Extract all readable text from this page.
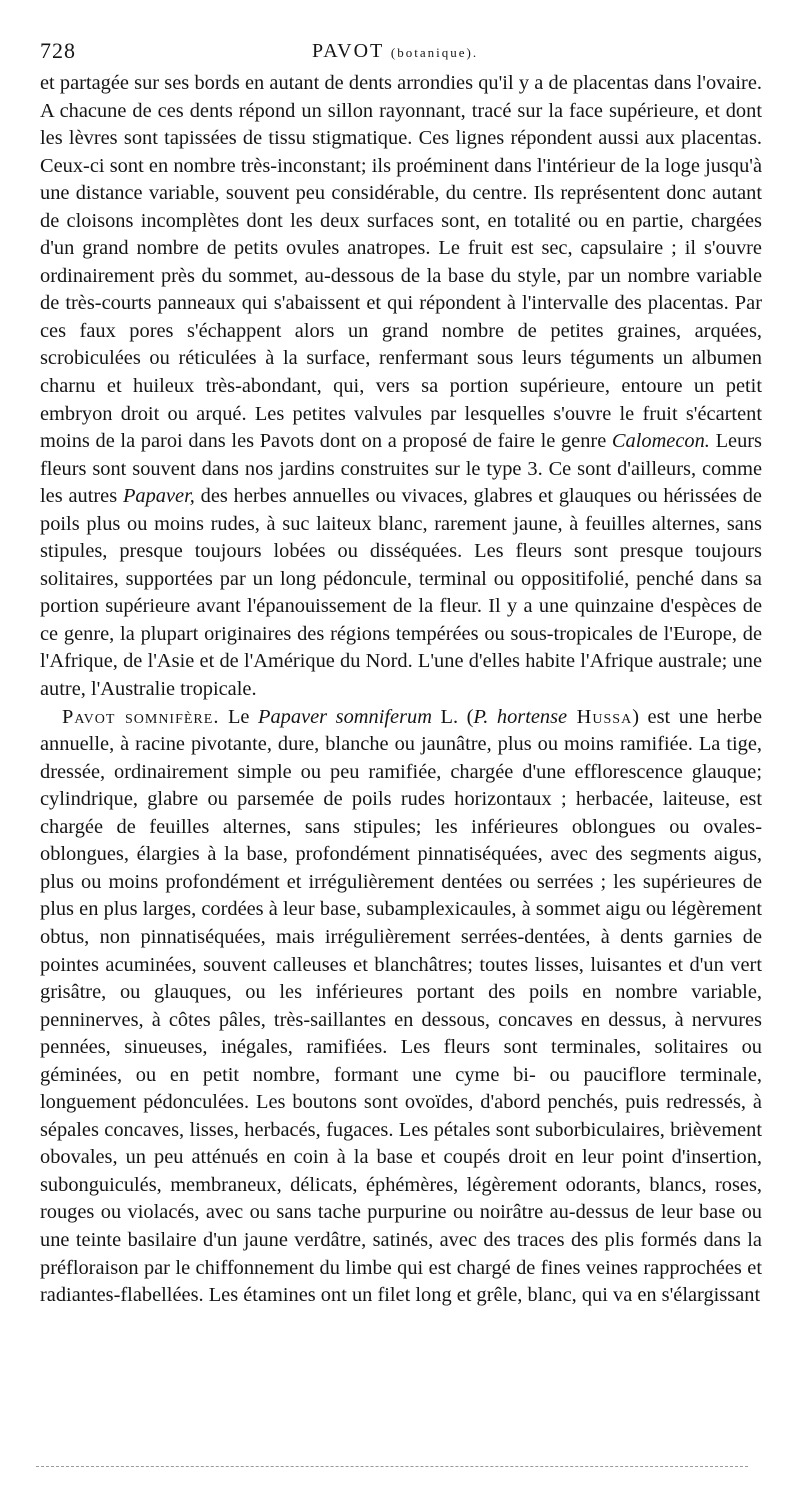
728	PAVOT (botanique).

et partagée sur ses bords en autant de dents arrondies qu'il y a de placentas dans l'ovaire. A chacune de ces dents répond un sillon rayonnant, tracé sur la face supérieure, et dont les lèvres sont tapissées de tissu stigmatique. Ces lignes répondent aussi aux placentas. Ceux-ci sont en nombre très-inconstant; ils proéminent dans l'intérieur de la loge jusqu'à une distance variable, souvent peu considérable, du centre. Ils représentent donc autant de cloisons incomplètes dont les deux surfaces sont, en totalité ou en partie, chargées d'un grand nombre de petits ovules anatropes. Le fruit est sec, capsulaire ; il s'ouvre ordinairement près du sommet, au-dessous de la base du style, par un nombre variable de très-courts panneaux qui s'abaissent et qui répondent à l'intervalle des placentas. Par ces faux pores s'échappent alors un grand nombre de petites graines, arquées, scrobiculées ou réticulées à la surface, renfermant sous leurs téguments un albumen charnu et huileux très-abondant, qui, vers sa portion supérieure, entoure un petit embryon droit ou arqué. Les petites valvules par lesquelles s'ouvre le fruit s'écartent moins de la paroi dans les Pavots dont on a proposé de faire le genre Calomecon. Leurs fleurs sont souvent dans nos jardins construites sur le type 3. Ce sont d'ailleurs, comme les autres Papaver, des herbes annuelles ou vivaces, glabres et glauques ou hérissées de poils plus ou moins rudes, à suc laiteux blanc, rarement jaune, à feuilles alternes, sans stipules, presque toujours lobées ou disséquées. Les fleurs sont presque toujours solitaires, supportées par un long pédoncule, terminal ou oppositifolié, penché dans sa portion supérieure avant l'épanouissement de la fleur. Il y a une quinzaine d'espèces de ce genre, la plupart originaires des régions tempérées ou sous-tropicales de l'Europe, de l'Afrique, de l'Asie et de l'Amérique du Nord. L'une d'elles habite l'Afrique australe; une autre, l'Australie tropicale.

Pavot somnifère. Le Papaver somniferum L. (P. hortense Hussa) est une herbe annuelle, à racine pivotante, dure, blanche ou jaunâtre, plus ou moins ramifiée. La tige, dressée, ordinairement simple ou peu ramifiée, chargée d'une efflorescence glauque; cylindrique, glabre ou parsemée de poils rudes horizontaux ; herbacée, laiteuse, est chargée de feuilles alternes, sans stipules; les inférieures oblongues ou ovales-oblongues, élargies à la base, profondément pinnatiséquées, avec des segments aigus, plus ou moins profondément et irrégulièrement dentées ou serrées ; les supérieures de plus en plus larges, cordées à leur base, subamplexicaules, à sommet aigu ou légèrement obtus, non pinnatiséquées, mais irrégulièrement serrées-dentées, à dents garnies de pointes acuminées, souvent calleuses et blanchâtres; toutes lisses, luisantes et d'un vert grisâtre, ou glauques, ou les inférieures portant des poils en nombre variable, penninerves, à côtes pâles, très-saillantes en dessous, concaves en dessus, à nervures pennées, sinueuses, inégales, ramifiées. Les fleurs sont terminales, solitaires ou géminées, ou en petit nombre, formant une cyme bi- ou pauciflore terminale, longuement pédonculées. Les boutons sont ovoïdes, d'abord penchés, puis redressés, à sépales concaves, lisses, herbacés, fugaces. Les pétales sont suborbiculaires, brièvement obovales, un peu atténués en coin à la base et coupés droit en leur point d'insertion, subonguiculés, membraneux, délicats, éphémères, légèrement odorants, blancs, roses, rouges ou violacés, avec ou sans tache purpurine ou noirâtre au-dessus de leur base ou une teinte basilaire d'un jaune verdâtre, satinés, avec des traces des plis formés dans la préfloraison par le chiffonnement du limbe qui est chargé de fines veines rapprochées et radiantes-flabellées. Les étamines ont un filet long et grêle, blanc, qui va en s'élargissant
